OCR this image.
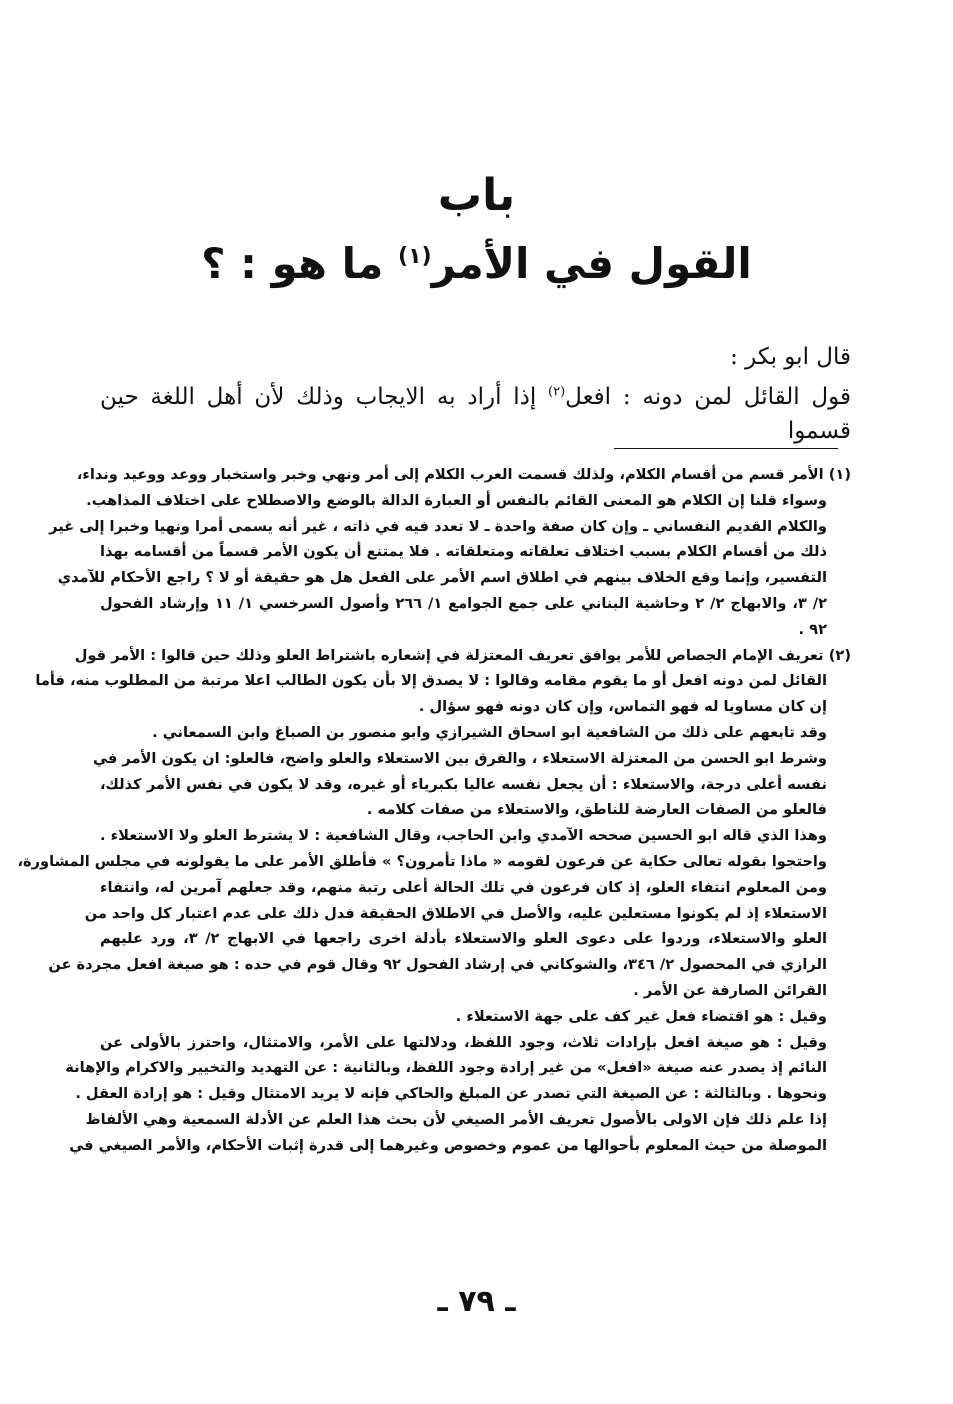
باب
القول في الأمر$^{(١)}$ ما هو : ؟
قال ابو بكر :
قول القائل لمن دونه : افعل$^{(٢)}$ إذا أراد به الايجاب وذلك لأن أهل اللغة حين قسموا
(١) الأمر قسم من أقسام الكلام، ولذلك قسمت العرب الكلام إلى أمر ونهي وخبر واستخبار ووعد ووعيد ونداء،
وسواء قلنا إن الكلام هو المعنى القائم بالنفس أو العبارة الدالة بالوضع والاصطلاح على اختلاف المذاهب.
والكلام القديم النفساني ـ وإن كان صفة واحدة ـ لا تعدد فيه في ذاته ، غير أنه يسمى أمرا ونهيا وخبرا إلى غير
ذلك من أقسام الكلام بسبب اختلاف تعلقاته ومتعلقاته . فلا يمتنع أن يكون الأمر قسماً من أقسامه بهذا
التفسير، وإنما وقع الخلاف بينهم في اطلاق اسم الأمر على الفعل هل هو حقيقة أو لا ؟ راجع الأحكام للآمدي
٢/ ٣، والابهاج ٢/ ٢ وحاشية البناني على جمع الجوامع ١/ ٢٦٦ وأصول السرخسي ١/ ١١ وإرشاد الفحول
٩٢ .
(٢) تعريف الإمام الجصاص للأمر يوافق تعريف المعتزلة في إشعاره باشتراط العلو وذلك حين قالوا : الأمر قول
القائل لمن دونه افعل أو ما يقوم مقامه وقالوا : لا يصدق إلا بأن يكون الطالب اعلا مرتبة من المطلوب منه، فأما
إن كان مساويا له فهو التماس، وإن كان دونه فهو سؤال .
وقد تابعهم على ذلك من الشافعية ابو اسحاق الشيرازي وابو منصور بن الصباغ وابن السمعاني .
وشرط ابو الحسن من المعتزلة الاستعلاء ، والفرق بين الاستعلاء والعلو واضح، فالعلو: ان يكون الأمر في
نفسه أعلى درجة، والاستعلاء : أن يجعل نفسه عاليا بكبرياء أو غيره، وقد لا يكون في نفس الأمر كذلك،
فالعلو من الصفات العارضة للناطق، والاستعلاء من صفات كلامه .
وهذا الذي قاله ابو الحسين صححه الآمدي وابن الحاجب، وقال الشافعية : لا يشترط العلو ولا الاستعلاء .
واحتجوا بقوله تعالى حكاية عن فرعون لقومه « ماذا تأمرون؟ » فأطلق الأمر على ما يقولونه في مجلس المشاورة،
ومن المعلوم انتفاء العلو، إذ كان فرعون في تلك الحالة أعلى رتبة منهم، وقد جعلهم آمرين له، وانتفاء
الاستعلاء إذ لم يكونوا مستعلين عليه، والأصل في الاطلاق الحقيقة فدل ذلك على عدم اعتبار كل واحد من
العلو والاستعلاء، وردوا على دعوى العلو والاستعلاء بأدلة اخرى راجعها في الابهاج ٢/ ٣، ورد عليهم
الرازي في المحصول ٢/ ٣٤٦، والشوكاني في إرشاد الفحول ٩٢ وقال قوم في حده : هو صيغة افعل مجردة عن
القرائن الصارفة عن الأمر .
وقيل : هو اقتضاء فعل غير كف على جهة الاستعلاء .
وقيل : هو صيغة افعل بإرادات ثلاث، وجود اللفظ، ودلالتها على الأمر، والامتثال، واحترز بالأولى عن
النائم إذ يصدر عنه صيغة «افعل» من غير إرادة وجود اللفظ، وبالثانية : عن التهديد والتخيير والاكرام والإهانة
ونحوها . وبالثالثة : عن الصيغة التي تصدر عن المبلغ والحاكي فإنه لا يريد الامتثال وقيل : هو إرادة العقل .
إذا علم ذلك فإن الاولى بالأصول تعريف الأمر الصيغي لأن بحث هذا العلم عن الأدلة السمعية وهي الألفاظ
الموصلة من حيث المعلوم بأحوالها من عموم وخصوص وغيرهما إلى قدرة إثبات الأحكام، والأمر الصيغي في
ـ ٧٩ ـ
